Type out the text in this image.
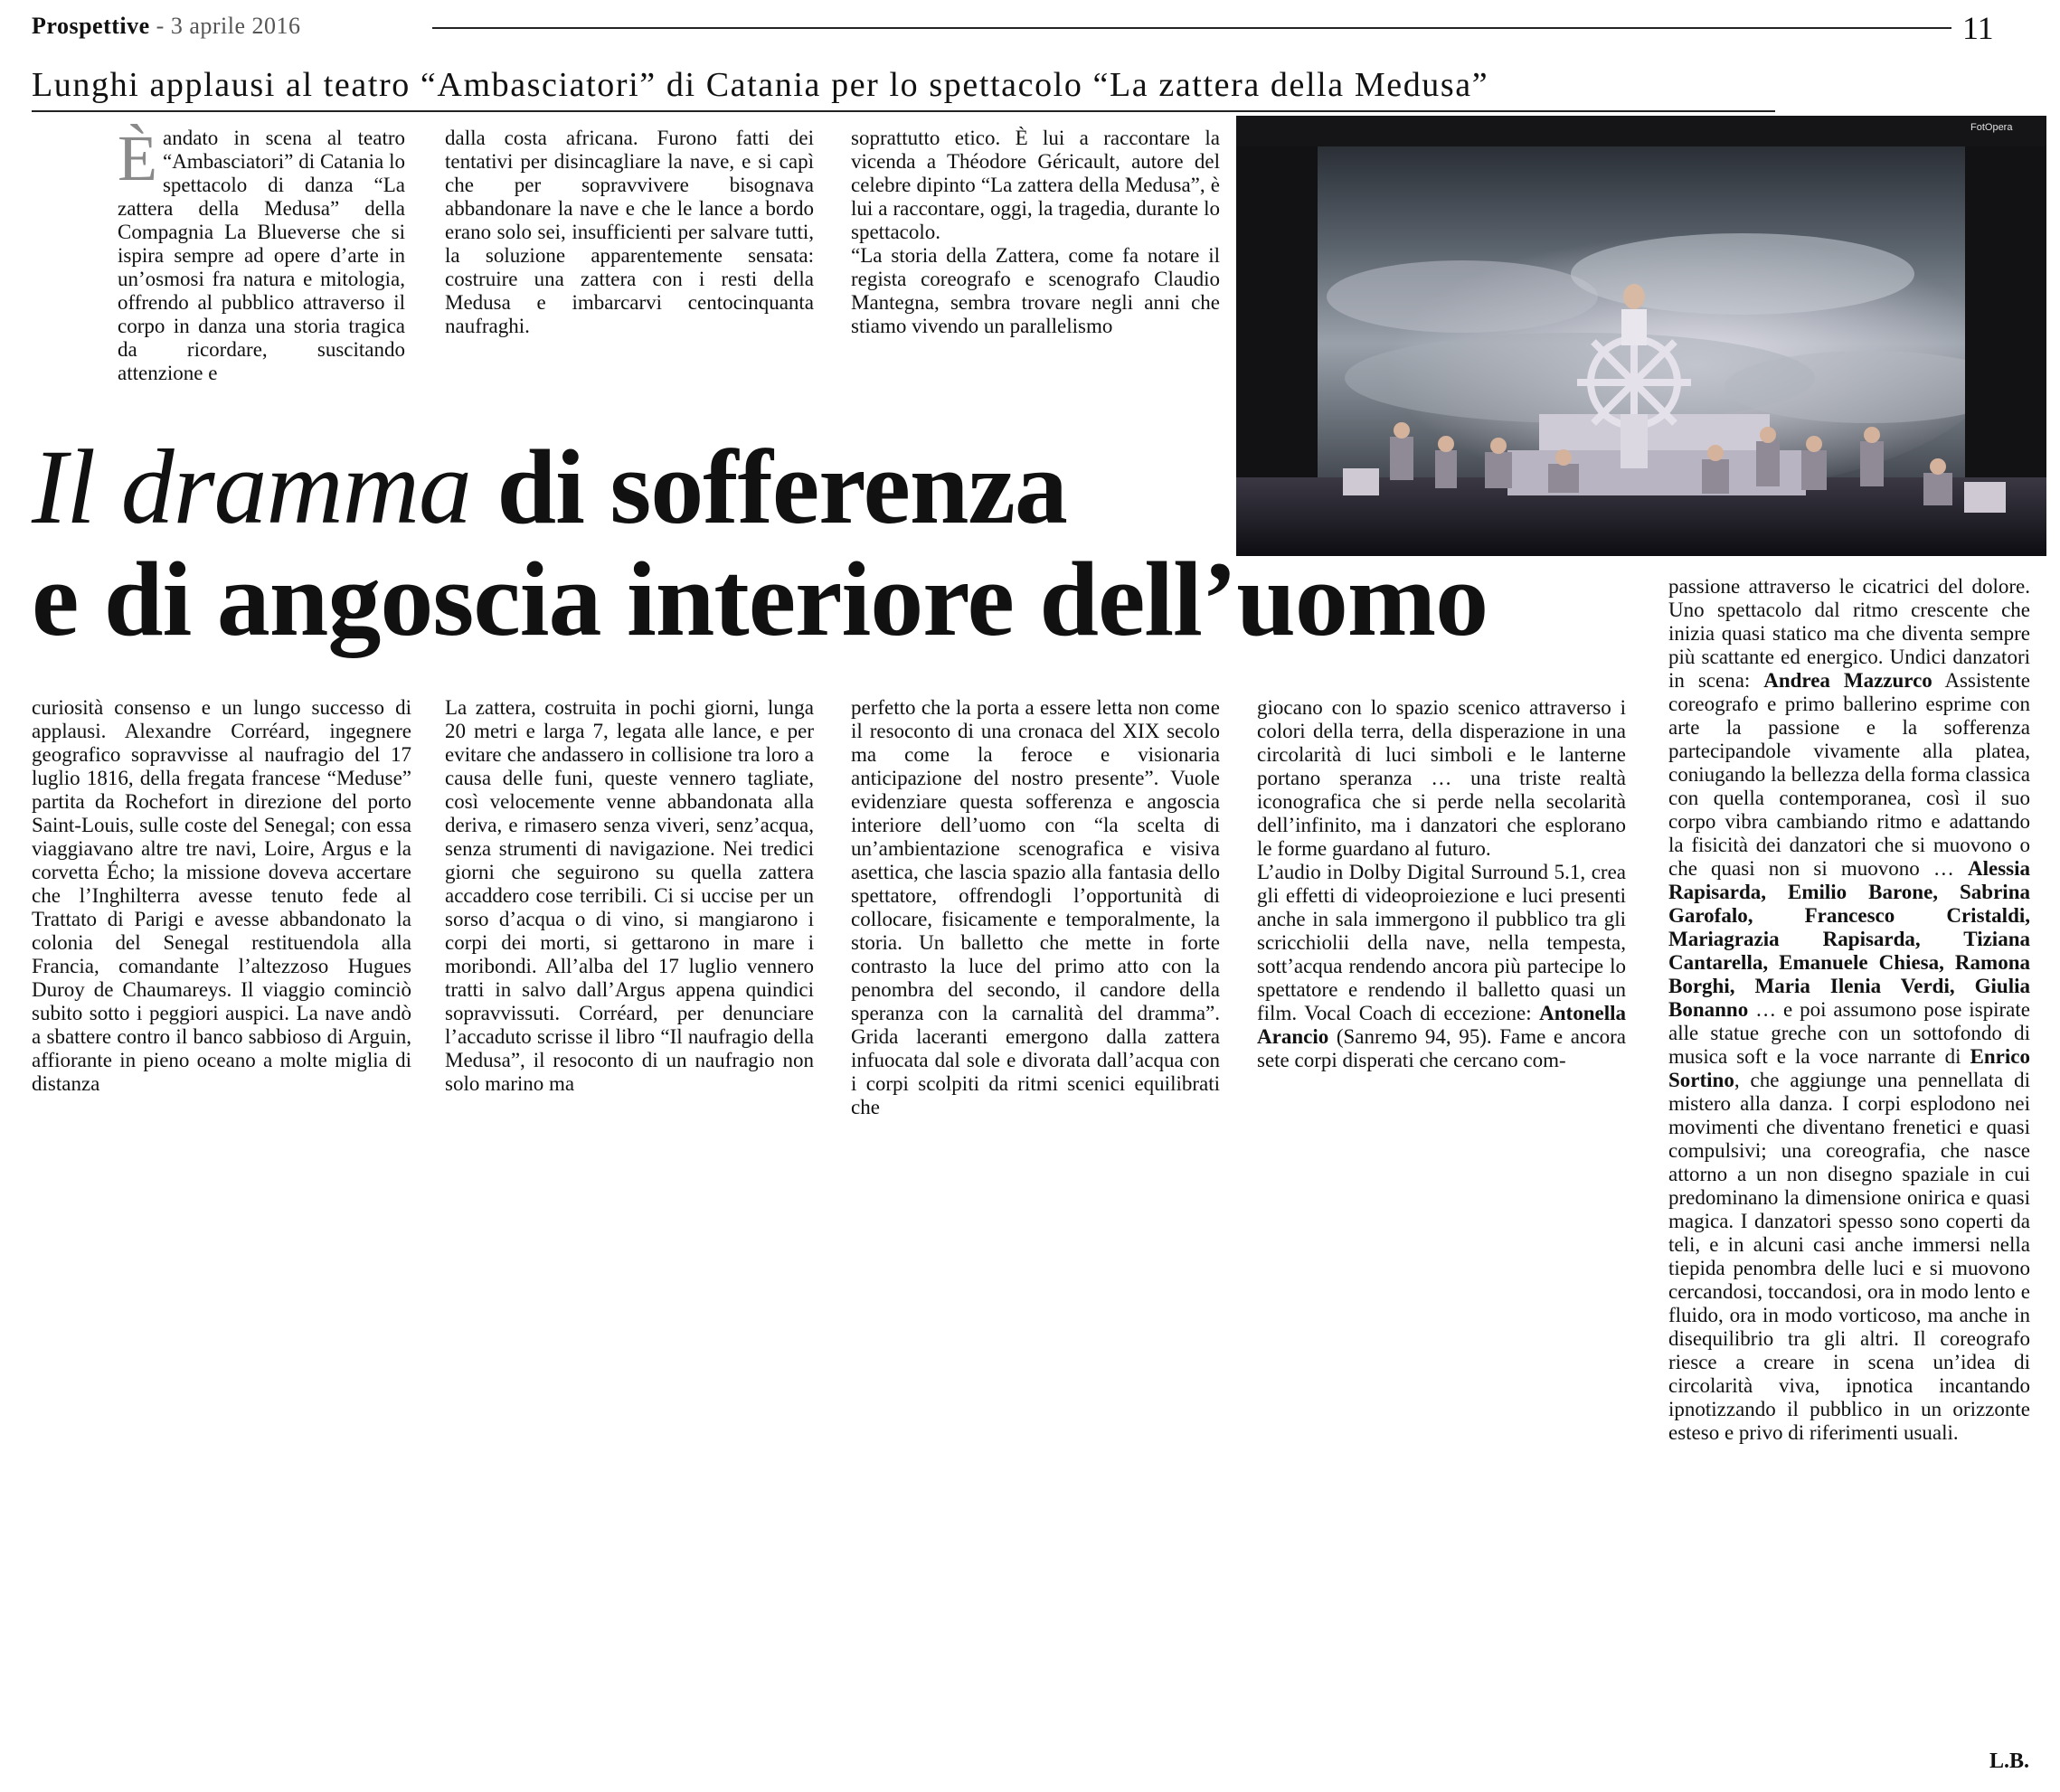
Prospettive - 3 aprile 2016	11
Lunghi applausi al teatro “Ambasciatori” di Catania per lo spettacolo “La zattera della Medusa”

Èandato in scena al teatro “Ambasciatori” di Catania lo spettacolo di danza “La zattera della Medusa” della Compagnia La Blueverse che si ispira sempre ad opere d’arte in un’osmosi fra natura e mitologia, offrendo al pubblico attraverso il corpo in danza una storia tragica da ricordare, suscitando attenzione e

dalla costa africana. Furono fatti dei tentativi per disincagliare la nave, e si capì che per sopravvivere bisognava abbandonare la nave e che le lance a bordo erano solo sei, insufficienti per salvare tutti, la soluzione apparentemente sensata: costruire una zattera con i resti della Medusa e imbarcarvi centocinquanta naufraghi.

soprattutto etico. È lui a raccontare la vicenda a Théodore Géricault, autore del celebre dipinto “La zattera della Medusa”, è lui a raccontare, oggi, la tragedia, durante lo spettacolo.

“La storia della Zattera, come fa notare il regista coreografo e scenografo Claudio Mantegna, sembra trovare negli anni che stiamo vivendo un parallelismo

FotOpera
Il dramma di sofferenza
e di angoscia interiore dell’uomo	passione attraverso le cicatrici del dolore. Uno spettacolo dal ritmo crescente che inizia quasi statico ma che diventa sempre più scattante ed energico. Undici danzatori in scena: Andrea Mazzurco Assistente coreografo e primo ballerino esprime con arte la passione e la sofferenza partecipandole vivamente alla platea, coniugando la bellezza della forma classica con quella contemporanea, così il suo corpo vibra cambiando ritmo e adattando la fisicità dei danzatori che si muovono o che quasi non si muovono … Alessia Rapisarda, Emilio Barone, Sabrina Garofalo, Francesco Cristaldi, Mariagrazia Rapisarda, Tiziana Cantarella, Emanuele Chiesa, Ramona Borghi, Maria Ilenia Verdi, Giulia Bonanno … e poi assumono pose ispirate alle statue greche con un sottofondo di musica soft e la voce narrante di Enrico Sortino, che aggiunge una pennellata di mistero alla danza. I corpi esplodono nei movimenti che diventano frenetici e quasi compulsivi; una coreografia, che nasce attorno a un non disegno spaziale in cui predominano la dimensione onirica e quasi magica. I danzatori spesso sono coperti da teli, e in alcuni casi anche immersi nella tiepida penombra delle luci e si muovono cercandosi, toccandosi, ora in modo lento e fluido, ora in modo vorticoso, ma anche in disequilibrio tra gli altri. Il coreografo riesce a creare in scena un’idea di circolarità viva, ipnotica incantando ipnotizzando il pubblico in un orizzonte esteso e privo di riferimenti usuali.

curiosità consenso e un lungo successo di applausi. Alexandre Corréard, ingegnere geografico sopravvisse al naufragio del 17 luglio 1816, della fregata francese “Meduse” partita da Rochefort in direzione del porto Saint-Louis, sulle coste del Senegal; con essa viaggiavano altre tre navi, Loire, Argus e la corvetta Écho; la missione doveva accertare che l’Inghilterra avesse tenuto fede al Trattato di Parigi e avesse abbandonato la colonia del Senegal restituendola alla Francia, comandante l’altezzoso Hugues Duroy de Chaumareys. Il viaggio cominciò subito sotto i peggiori auspici. La nave andò a sbattere contro il banco sabbioso di Arguin, affiorante in pieno oceano a molte miglia di distanza

La zattera, costruita in pochi giorni, lunga 20 metri e larga 7, legata alle lance, e per evitare che andassero in collisione tra loro a causa delle funi, queste vennero tagliate, così velocemente venne abbandonata alla deriva, e rimasero senza viveri, senz’acqua, senza strumenti di navigazione. Nei tredici giorni che seguirono su quella zattera accaddero cose terribili. Ci si uccise per un sorso d’acqua o di vino, si mangiarono i corpi dei morti, si gettarono in mare i moribondi. All’alba del 17 luglio vennero tratti in salvo dall’Argus appena quindici sopravvissuti. Corréard, per denunciare l’accaduto scrisse il libro “Il naufragio della Medusa”, il resoconto di un naufragio non solo marino ma

perfetto che la porta a essere letta non come il resoconto di una cronaca del XIX secolo ma come la feroce e visionaria anticipazione del nostro presente”. Vuole evidenziare questa sofferenza e angoscia interiore dell’uomo con “la scelta di un’ambientazione scenografica e visiva asettica, che lascia spazio alla fantasia dello spettatore, offrendogli l’opportunità di collocare, fisicamente e temporalmente, la storia. Un balletto che mette in forte contrasto la luce del primo atto con la penombra del secondo, il candore della speranza con la carnalità del dramma”. Grida laceranti emergono dalla zattera infuocata dal sole e divorata dall’acqua con i corpi scolpiti da ritmi scenici equilibrati che

giocano con lo spazio scenico attraverso i colori della terra, della disperazione in una circolarità di luci simboli e le lanterne portano speranza … una triste realtà iconografica che si perde nella secolarità dell’infinito, ma i danzatori che esplorano le forme guardano al futuro.

L’audio in Dolby Digital Surround 5.1, crea gli effetti di videoproiezione e luci presenti anche in sala immergono il pubblico tra gli scricchiolii della nave, nella tempesta, sott’acqua rendendo ancora più partecipe lo spettatore e rendendo il balletto quasi un film. Vocal Coach di eccezione: Antonella Arancio (Sanremo 94, 95). Fame e ancora sete corpi disperati che cercano com-

L.B.
